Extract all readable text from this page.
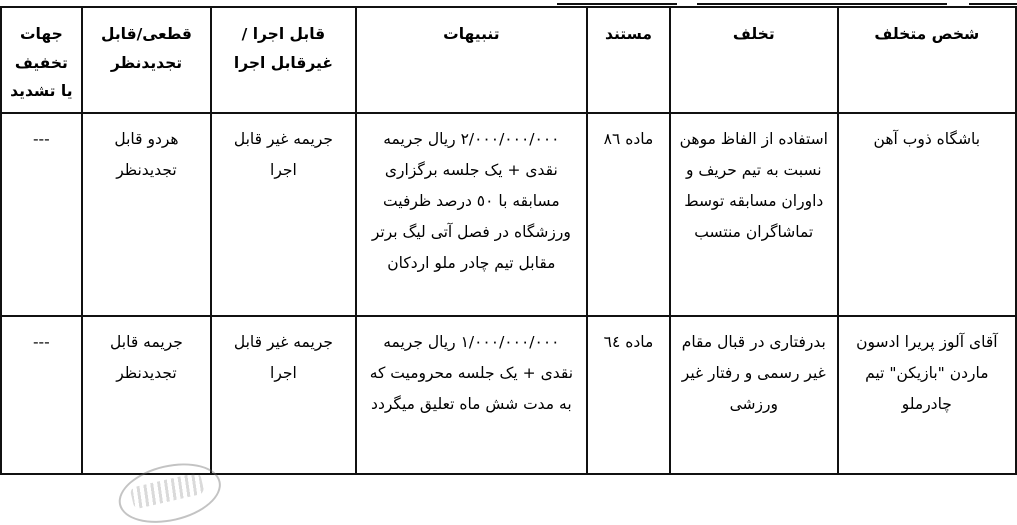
شخص متخلف	تخلف	مستند	تنبیهات	قابل اجرا /غیرقابل اجرا	قطعی/قابل تجدیدنظر	جهات تخفیف یا تشدید
باشگاه ذوب آهن	استفاده از الفاظ موهن نسبت به تیم حریف و داوران مسابقه توسط تماشاگران منتسب	ماده ٨٦	٢/٠٠٠/٠٠٠/٠٠٠ ریال جریمه نقدی + یک جلسه برگزاری مسابقه با ٥٠ درصد ظرفیت ورزشگاه در فصل آتی لیگ برتر مقابل تیم چادر ملو اردکان	جریمه غیر قابل اجرا	هردو قابل تجدیدنظر	---
آقای آلوز پریرا ادسون ماردن "بازیکن" تیم چادرملو	بدرفتاری در قبال مقام غیر رسمی و رفتار غیر ورزشی	ماده ٦٤	١/٠٠٠/٠٠٠/٠٠٠ ریال جریمه نقدی + یک جلسه محرومیت که به مدت شش ماه تعلیق میگردد	جریمه غیر قابل اجرا	جریمه قابل تجدیدنظر	---
